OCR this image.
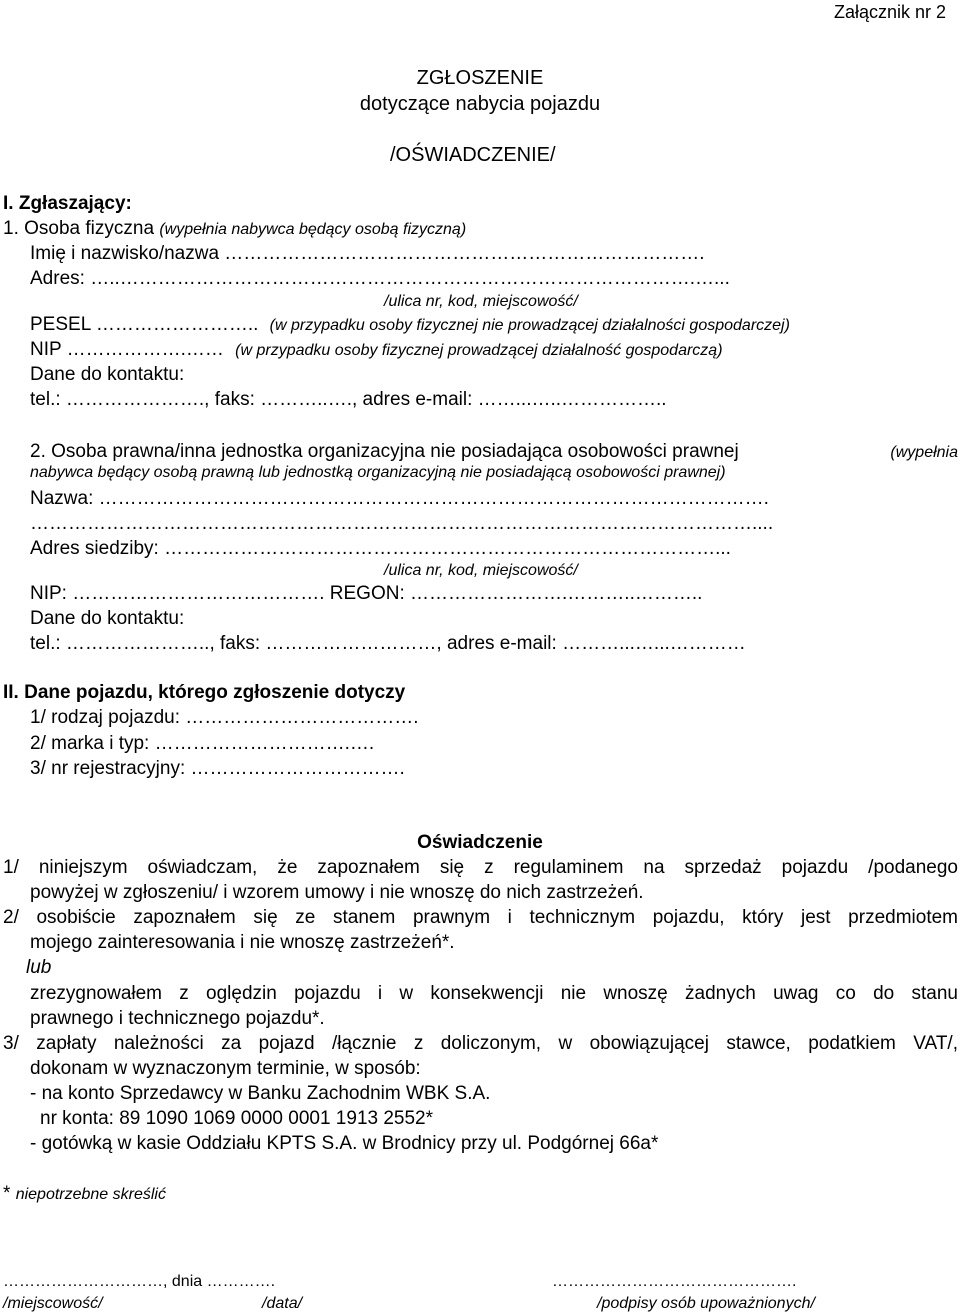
Załącznik nr 2
ZGŁOSZENIE
dotyczące nabycia pojazdu
/OŚWIADCZENIE/
I. Zgłaszający:
1. Osoba fizyczna (wypełnia nabywca będący osobą fizyczną)
Imię i nazwisko/nazwa ………………………………………………………………….
Adres: …..……………………………………………………………………………….…...
/ulica nr, kod, miejscowość/
PESEL …………………….. (w przypadku osoby fizycznej nie prowadzącej działalności gospodarczej)
NIP ……………….…… (w przypadku osoby fizycznej prowadzącej działalność gospodarczą)
Dane do kontaktu:
tel.: …………………., faks: ………..…., adres e-mail: ……...…..……………..
2. Osoba prawna/inna jednostka organizacyjna nie posiadająca osobowości prawnej	(wypełnia
nabywca będący osobą prawną lub jednostką organizacyjną nie posiadającą osobowości prawnej)
Nazwa: …………………………………………………………………………………………….
……………………………………………………………………………………………………....
Adres siedziby: ……………………………………………………………………………...
/ulica nr, kod, miejscowość/
NIP: …………………………………. REGON: …………………….………..………..
Dane do kontaktu:
tel.: ………………….., faks: ………………………, adres e-mail: ………...…...…………
II. Dane pojazdu, którego zgłoszenie dotyczy
1/ rodzaj pojazdu: ……………………………….
2/ marka i typ: ………………………….….
3/ nr rejestracyjny: …………………………….
Oświadczenie
1/ niniejszym oświadczam, że zapoznałem się z regulaminem na sprzedaż pojazdu /podanego
powyżej w zgłoszeniu/ i wzorem umowy i nie wnoszę do nich zastrzeżeń.
2/ osobiście zapoznałem się ze stanem prawnym i technicznym pojazdu, który jest przedmiotem
mojego zainteresowania i nie wnoszę zastrzeżeń*.
lub
zrezygnowałem z oględzin pojazdu i w konsekwencji nie wnoszę żadnych uwag co do stanu
prawnego i technicznego pojazdu*.
3/ zapłaty należności za pojazd /łącznie z doliczonym, w obowiązującej stawce, podatkiem VAT/,
dokonam w wyznaczonym terminie, w sposób:
- na konto Sprzedawcy w Banku Zachodnim WBK S.A.
nr konta: 89 1090 1069 0000 0001 1913 2552*
- gotówką w kasie Oddziału KPTS S.A. w Brodnicy przy ul. Podgórnej 66a*
* niepotrzebne skreślić
…………………………, dnia ………….	……………………………………….
/miejscowość/	/data/	/podpisy osób upoważnionych/
